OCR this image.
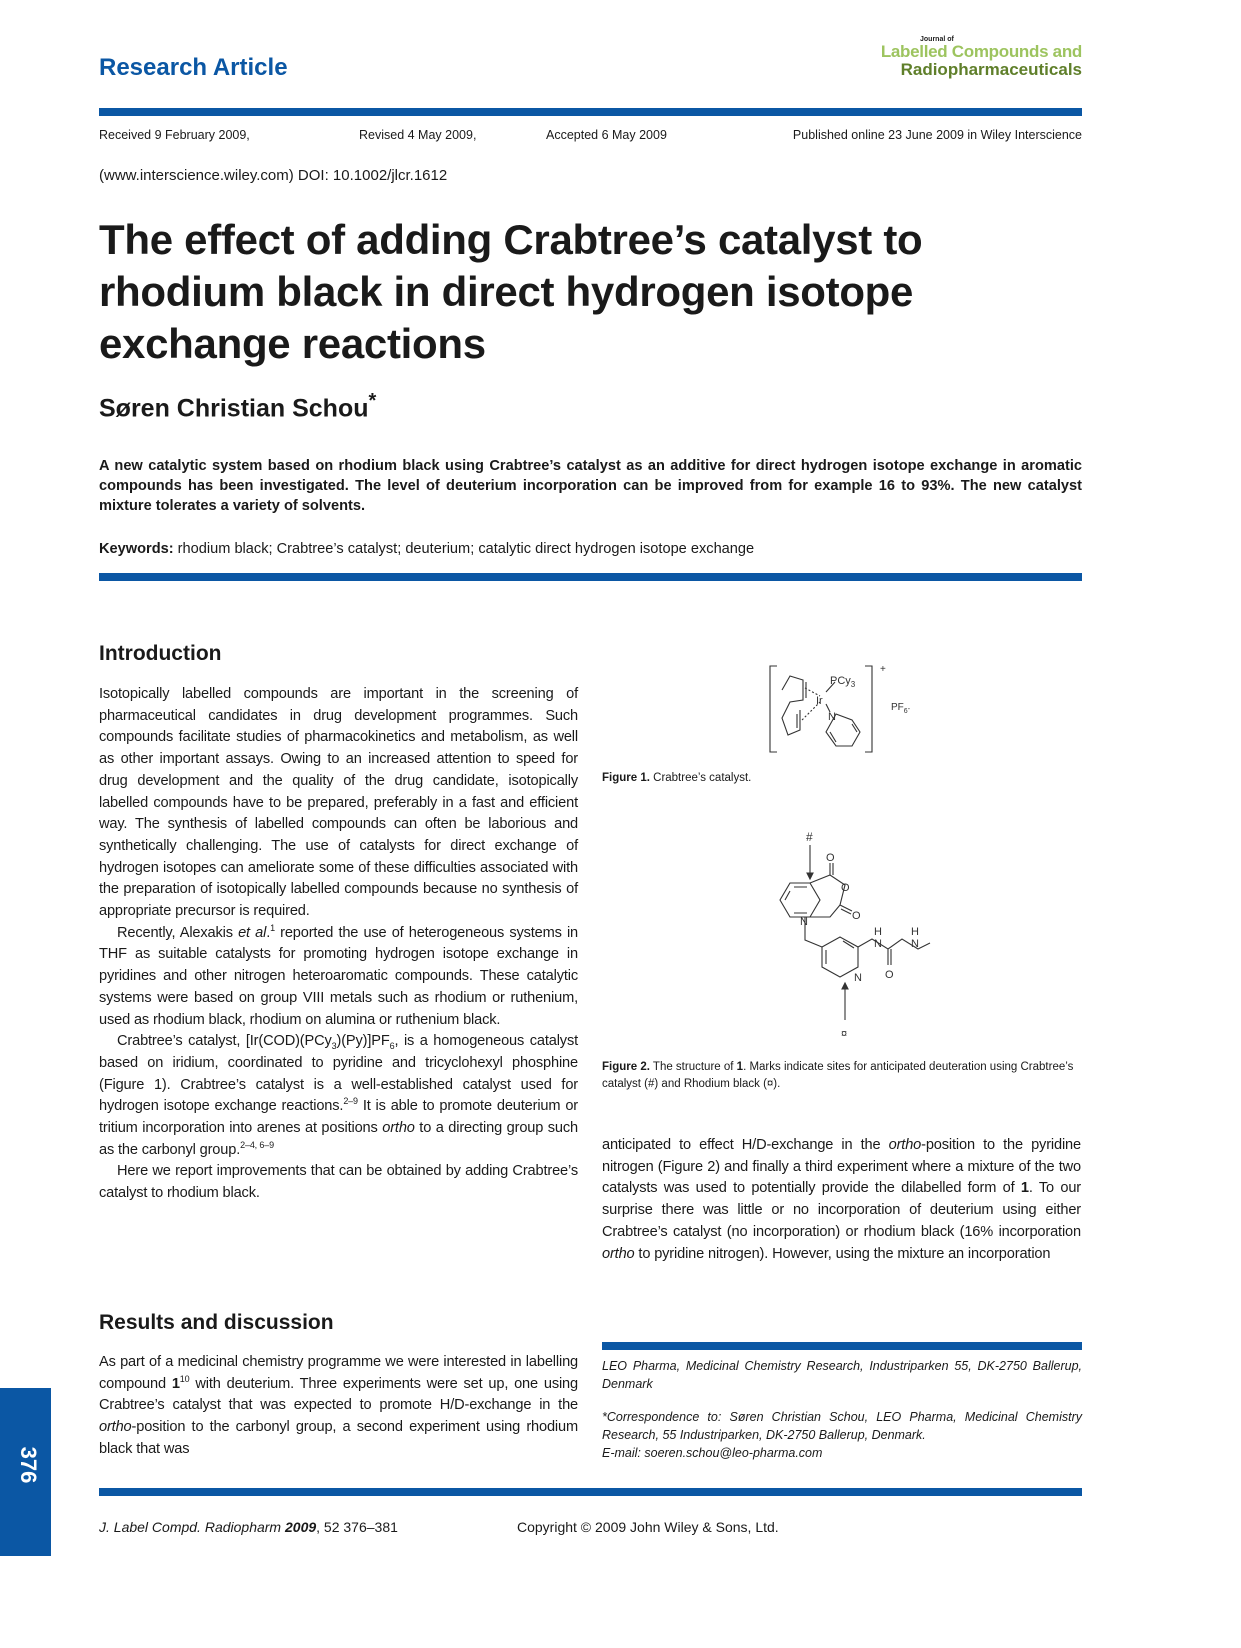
Research Article
Journal of
Labelled Compounds and
Radiopharmaceuticals
Received 9 February 2009,	Revised 4 May 2009,	Accepted 6 May 2009	Published online 23 June 2009 in Wiley Interscience
(www.interscience.wiley.com) DOI: 10.1002/jlcr.1612
The effect of adding Crabtree’s catalyst to rhodium black in direct hydrogen isotope exchange reactions
Søren Christian Schou*
A new catalytic system based on rhodium black using Crabtree’s catalyst as an additive for direct hydrogen isotope exchange in aromatic compounds has been investigated. The level of deuterium incorporation can be improved from for example 16 to 93%. The new catalyst mixture tolerates a variety of solvents.
Keywords: rhodium black; Crabtree’s catalyst; deuterium; catalytic direct hydrogen isotope exchange
Introduction

Isotopically labelled compounds are important in the screening of pharmaceutical candidates in drug development programmes. Such compounds facilitate studies of pharmacokinetics and metabolism, as well as other important assays. Owing to an increased attention to speed for drug development and the quality of the drug candidate, isotopically labelled compounds have to be prepared, preferably in a fast and efficient way. The synthesis of labelled compounds can often be laborious and synthetically challenging. The use of catalysts for direct exchange of hydrogen isotopes can ameliorate some of these difficulties associated with the preparation of isotopically labelled compounds because no synthesis of appropriate precursor is required.

Recently, Alexakis et al.$^1$ reported the use of heterogeneous systems in THF as suitable catalysts for promoting hydrogen isotope exchange in pyridines and other nitrogen heteroaromatic compounds. These catalytic systems were based on group VIII metals such as rhodium or ruthenium, used as rhodium black, rhodium on alumina or ruthenium black.

Crabtree’s catalyst, $[Ir(COD)(PCy_3)(Py)]PF_6$, is a homogeneous catalyst based on iridium, coordinated to pyridine and tricyclohexyl phosphine (Figure 1). Crabtree’s catalyst is a well-established catalyst used for hydrogen isotope exchange reactions.$^{2-9}$ It is able to promote deuterium or tritium incorporation into arenes at positions ortho to a directing group such as the carbonyl group.$^{2-4, 6-9}$

Here we report improvements that can be obtained by adding Crabtree’s catalyst to rhodium black.

Results and discussion

As part of a medicinal chemistry programme we were interested in labelling compound $1^{10}$ with deuterium. Three experiments were set up, one using Crabtree’s catalyst that was expected to promote H/D-exchange in the ortho-position to the carbonyl group, a second experiment using rhodium black that was

Ir
PCy$_3$
N
+
$PF_6^-$
Figure 1. Crabtree’s catalyst.
#
O
O
O
N
N
H
N
H
N
O
¤
Figure 2. The structure of 1. Marks indicate sites for anticipated deuteration using Crabtree’s catalyst (#) and Rhodium black (¤).

anticipated to effect H/D-exchange in the ortho-position to the pyridine nitrogen (Figure 2) and finally a third experiment where a mixture of the two catalysts was used to potentially provide the dilabelled form of 1. To our surprise there was little or no incorporation of deuterium using either Crabtree’s catalyst (no incorporation) or rhodium black (16% incorporation ortho to pyridine nitrogen). However, using the mixture an incorporation

LEO Pharma, Medicinal Chemistry Research, Industriparken 55, DK-2750 Ballerup, Denmark
*Correspondence to: Søren Christian Schou, LEO Pharma, Medicinal Chemistry Research, 55 Industriparken, DK-2750 Ballerup, Denmark.
E-mail: soeren.schou@leo-pharma.com
J. Label Compd. Radiopharm 2009, 52 376–381	Copyright © 2009 John Wiley & Sons, Ltd.
376
